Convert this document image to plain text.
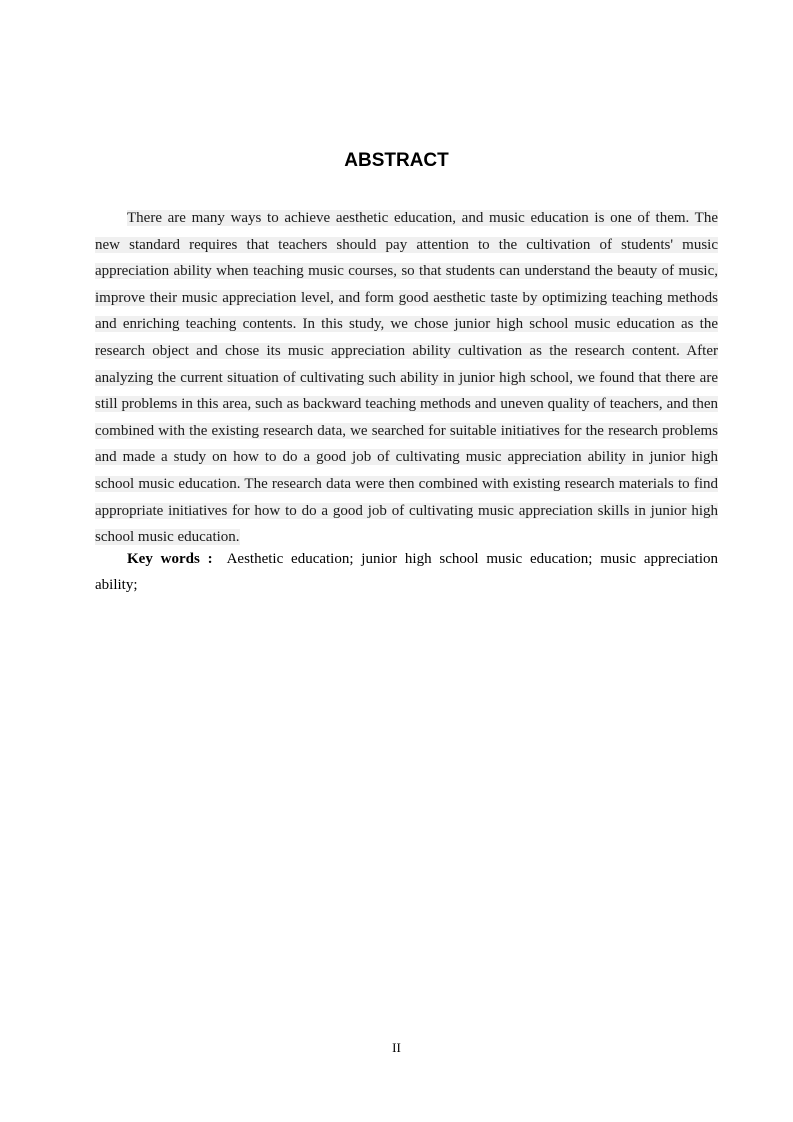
ABSTRACT

There are many ways to achieve aesthetic education, and music education is one of them. The new standard requires that teachers should pay attention to the cultivation of students' music appreciation ability when teaching music courses, so that students can understand the beauty of music, improve their music appreciation level, and form good aesthetic taste by optimizing teaching methods and enriching teaching contents. In this study, we chose junior high school music education as the research object and chose its music appreciation ability cultivation as the research content. After analyzing the current situation of cultivating such ability in junior high school, we found that there are still problems in this area, such as backward teaching methods and uneven quality of teachers, and then combined with the existing research data, we searched for suitable initiatives for the research problems and made a study on how to do a good job of cultivating music appreciation ability in junior high school music education. The research data were then combined with existing research materials to find appropriate initiatives for how to do a good job of cultivating music appreciation skills in junior high school music education.

Key words : Aesthetic education; junior high school music education; music appreciation ability;

II
